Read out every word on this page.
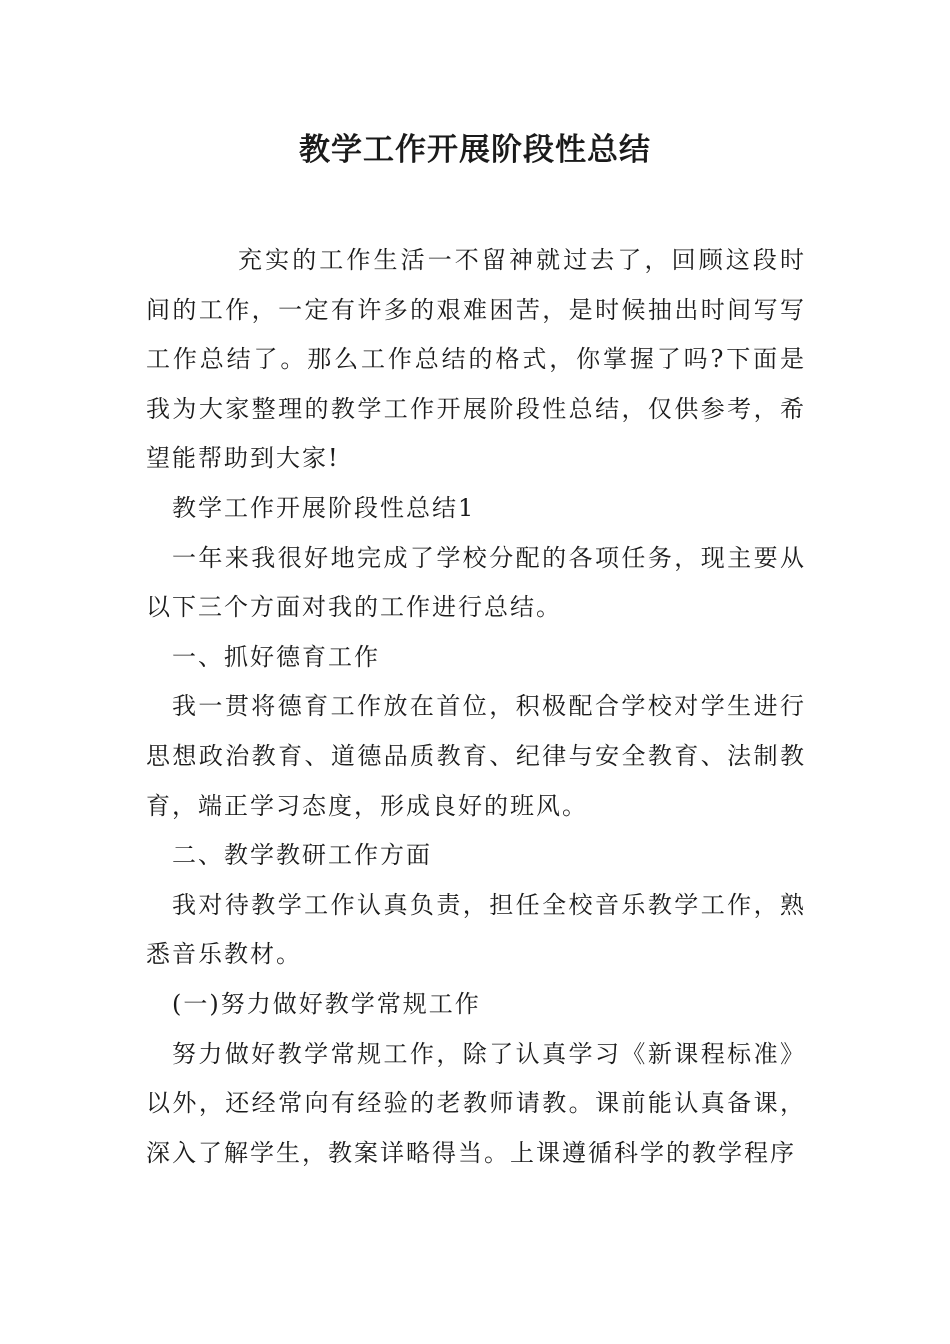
教学工作开展阶段性总结

充实的工作生活一不留神就过去了，回顾这段时间的工作，一定有许多的艰难困苦，是时候抽出时间写写工作总结了。那么工作总结的格式，你掌握了吗?下面是我为大家整理的教学工作开展阶段性总结，仅供参考，希望能帮助到大家!

教学工作开展阶段性总结1

一年来我很好地完成了学校分配的各项任务，现主要从以下三个方面对我的工作进行总结。

一、抓好德育工作

我一贯将德育工作放在首位，积极配合学校对学生进行思想政治教育、道德品质教育、纪律与安全教育、法制教育，端正学习态度，形成良好的班风。

二、教学教研工作方面

我对待教学工作认真负责，担任全校音乐教学工作，熟悉音乐教材。

(一)努力做好教学常规工作

努力做好教学常规工作，除了认真学习《新课程标准》以外，还经常向有经验的老教师请教。课前能认真备课，深入了解学生，教案详略得当。上课遵循科学的教学程序
